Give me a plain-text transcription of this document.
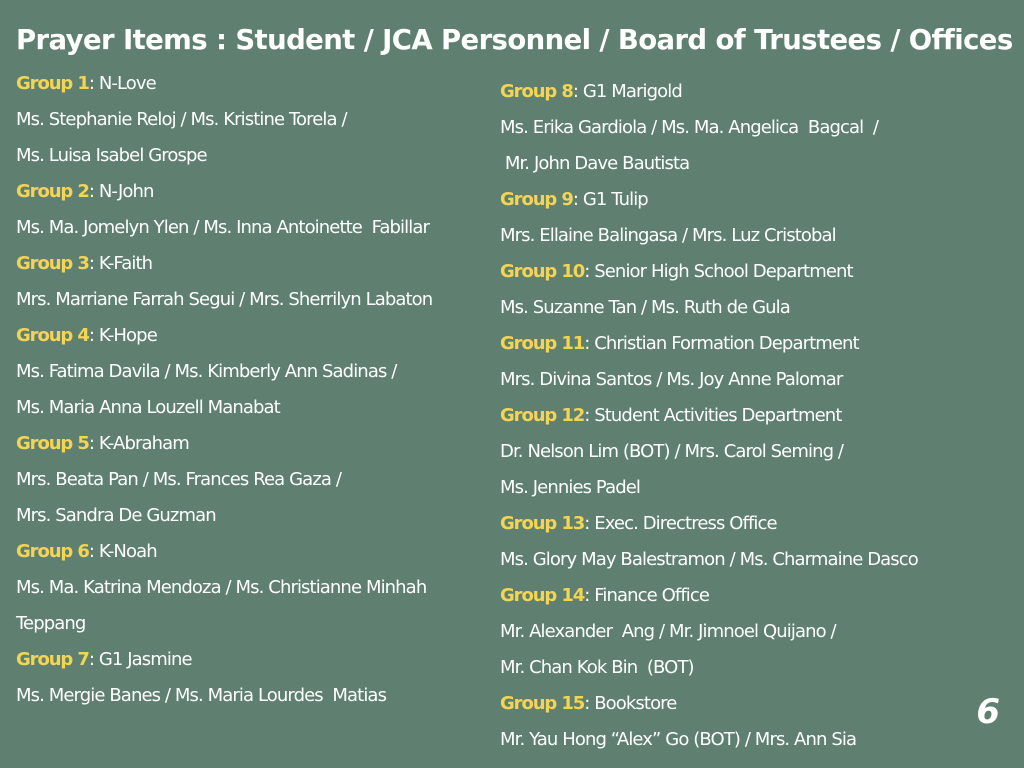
Prayer Items : Student / JCA Personnel / Board of Trustees / Offices
Group 1: N-Love
Ms. Stephanie Reloj / Ms. Kristine Torela /
Ms. Luisa Isabel Grospe
Group 2: N-John
Ms. Ma. Jomelyn Ylen / Ms. Inna Antoinette  Fabillar
Group 3: K-Faith
Mrs. Marriane Farrah Segui / Mrs. Sherrilyn Labaton
Group 4: K-Hope
Ms. Fatima Davila / Ms. Kimberly Ann Sadinas /
Ms. Maria Anna Louzell Manabat
Group 5: K-Abraham
Mrs. Beata Pan / Ms. Frances Rea Gaza /
Mrs. Sandra De Guzman
Group 6: K-Noah
Ms. Ma. Katrina Mendoza / Ms. Christianne Minhah
Teppang
Group 7: G1 Jasmine
Ms. Mergie Banes / Ms. Maria Lourdes  Matias
Group 8: G1 Marigold
Ms. Erika Gardiola / Ms. Ma. Angelica  Bagcal  /
Mr. John Dave Bautista
Group 9: G1 Tulip
Mrs. Ellaine Balingasa / Mrs. Luz Cristobal
Group 10: Senior High School Department
Ms. Suzanne Tan / Ms. Ruth de Gula
Group 11: Christian Formation Department
Mrs. Divina Santos / Ms. Joy Anne Palomar
Group 12: Student Activities Department
Dr. Nelson Lim (BOT) / Mrs. Carol Seming /
Ms. Jennies Padel
Group 13: Exec. Directress Office
Ms. Glory May Balestramon / Ms. Charmaine Dasco
Group 14: Finance Office
Mr. Alexander  Ang / Mr. Jimnoel Quijano /
Mr. Chan Kok Bin  (BOT)
Group 15: Bookstore
Mr. Yau Hong “Alex” Go (BOT) / Mrs. Ann Sia
6
